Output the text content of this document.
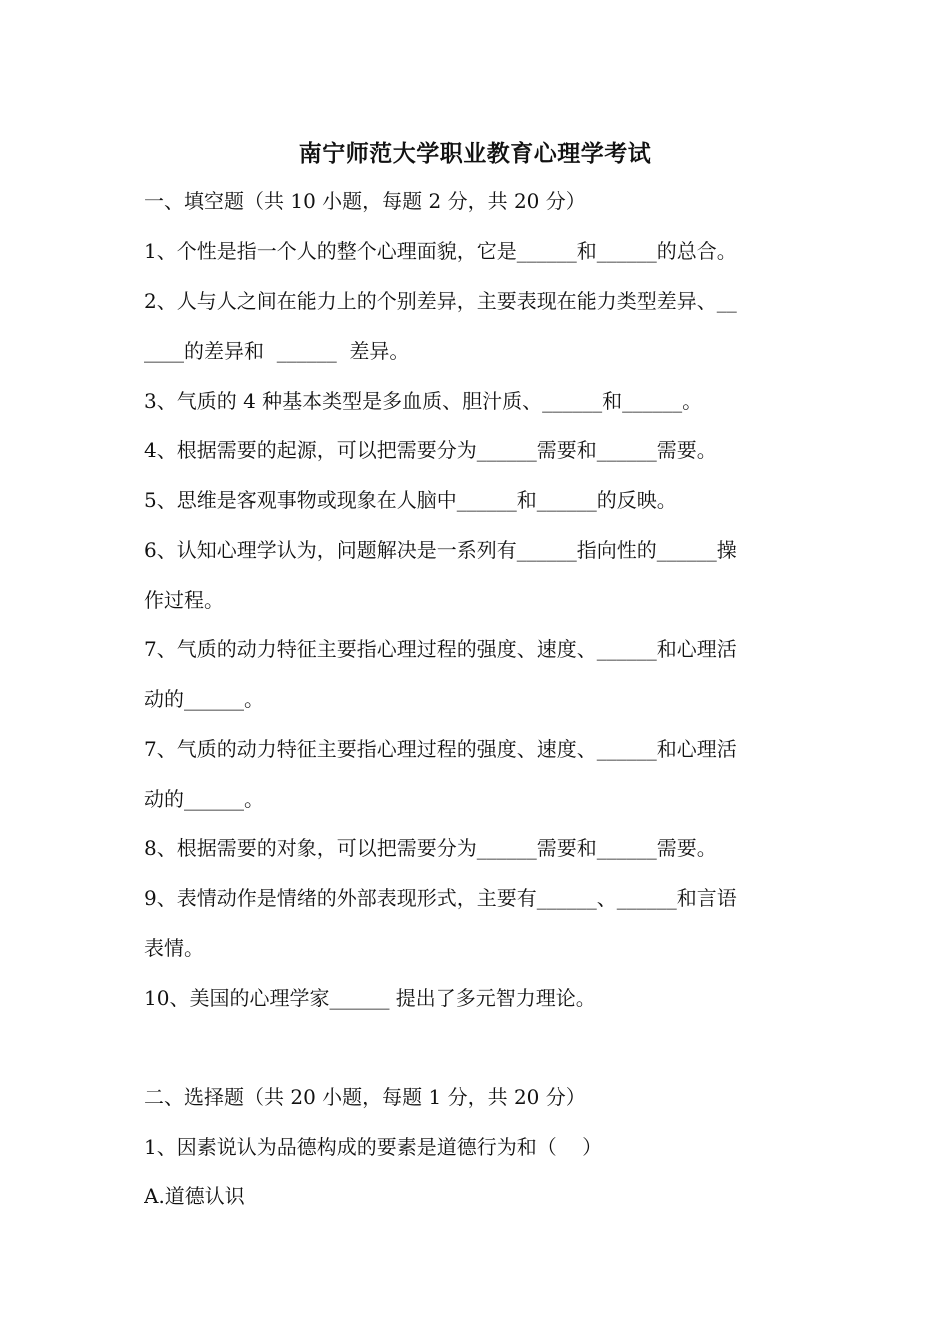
南宁师范大学职业教育心理学考试
一、填空题（共 10 小题，每题 2 分，共 20 分）
1、个性是指一个人的整个心理面貌，它是______和______的总合。
2、人与人之间在能力上的个别差异，主要表现在能力类型差异、__
____的差异和  ______  差异。
3、气质的 4 种基本类型是多血质、胆汁质、______和______。
4、根据需要的起源，可以把需要分为______需要和______需要。
5、思维是客观事物或现象在人脑中______和______的反映。
6、认知心理学认为，问题解决是一系列有______指向性的______操
作过程。
7、气质的动力特征主要指心理过程的强度、速度、______和心理活
动的______。
7、气质的动力特征主要指心理过程的强度、速度、______和心理活
动的______。
8、根据需要的对象，可以把需要分为______需要和______需要。
9、表情动作是情绪的外部表现形式，主要有______、______和言语
表情。
10、美国的心理学家______ 提出了多元智力理论。
二、选择题（共 20 小题，每题 1 分，共 20 分）
1、因素说认为品德构成的要素是道德行为和（    ）
A.道德认识
